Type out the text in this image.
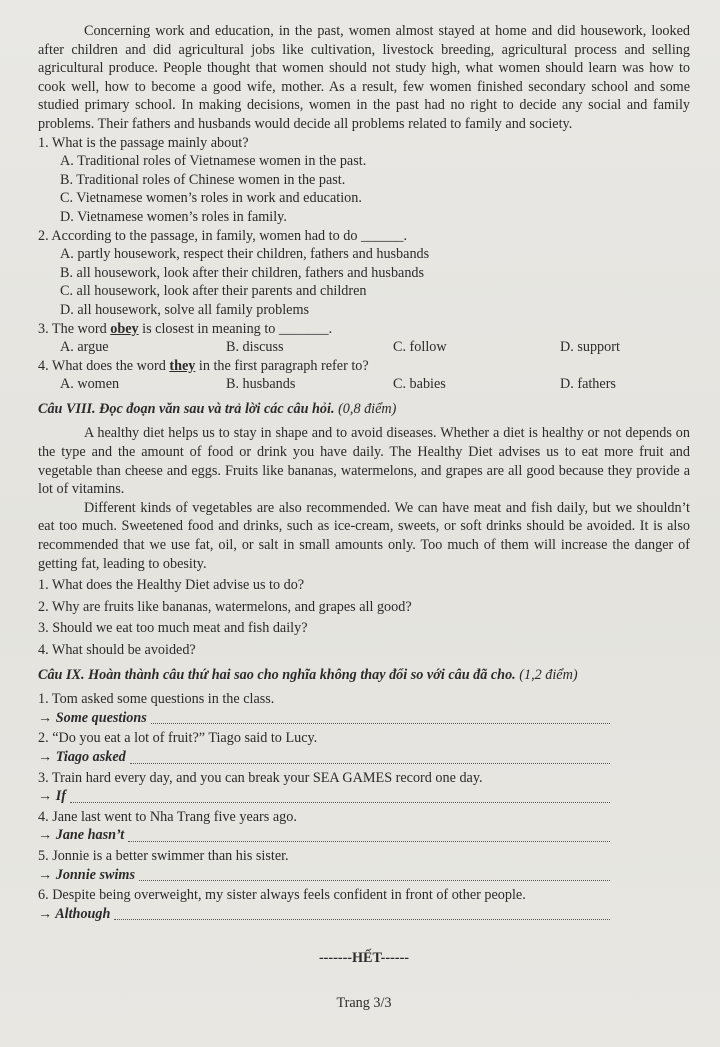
Concerning work and education, in the past, women almost stayed at home and did housework, looked after children and did agricultural jobs like cultivation, livestock breeding, agricultural process and selling agricultural produce. People thought that women should not study high, what women should learn was how to cook well, how to become a good wife, mother. As a result, few women finished secondary school and some studied primary school. In making decisions, women in the past had no right to decide any social and family problems. Their fathers and husbands would decide all problems related to family and society.

1. What is the passage mainly about?

A. Traditional roles of Vietnamese women in the past.

B. Traditional roles of Chinese women in the past.

C. Vietnamese women’s roles in work and education.

D. Vietnamese women’s roles in family.

2. According to the passage, in family, women had to do ______.

A. partly housework, respect their children, fathers and husbands

B. all housework, look after their children, fathers and husbands

C. all housework, look after their parents and children

D. all housework, solve all family problems

3. The word obey is closest in meaning to _______.

A. argue	B. discuss	C. follow	D. support

4. What does the word they in the first paragraph refer to?

A. women	B. husbands	C. babies	D. fathers

Câu VIII. Đọc đoạn văn sau và trả lời các câu hỏi. (0,8 điểm)

A healthy diet helps us to stay in shape and to avoid diseases. Whether a diet is healthy or not depends on the type and the amount of food or drink you have daily. The Healthy Diet advises us to eat more fruit and vegetable than cheese and eggs. Fruits like bananas, watermelons, and grapes are all good because they provide a lot of vitamins.

Different kinds of vegetables are also recommended. We can have meat and fish daily, but we shouldn’t eat too much. Sweetened food and drinks, such as ice-cream, sweets, or soft drinks should be avoided. It is also recommended that we use fat, oil, or salt in small amounts only. Too much of them will increase the danger of getting fat, leading to obesity.

1. What does the Healthy Diet advise us to do?

2. Why are fruits like bananas, watermelons, and grapes all good?

3. Should we eat too much meat and fish daily?

4. What should be avoided?

Câu IX. Hoàn thành câu thứ hai sao cho nghĩa không thay đổi so với câu đã cho. (1,2 điểm)

1. Tom asked some questions in the class.

→ Some questions

2. “Do you eat a lot of fruit?” Tiago said to Lucy.

→ Tiago asked

3. Train hard every day, and you can break your SEA GAMES record one day.

→ If

4. Jane last went to Nha Trang five years ago.

→ Jane hasn’t

5. Jonnie is a better swimmer than his sister.

→ Jonnie swims

6. Despite being overweight, my sister always feels confident in front of other people.

→ Although

-------HẾT------

Trang 3/3
